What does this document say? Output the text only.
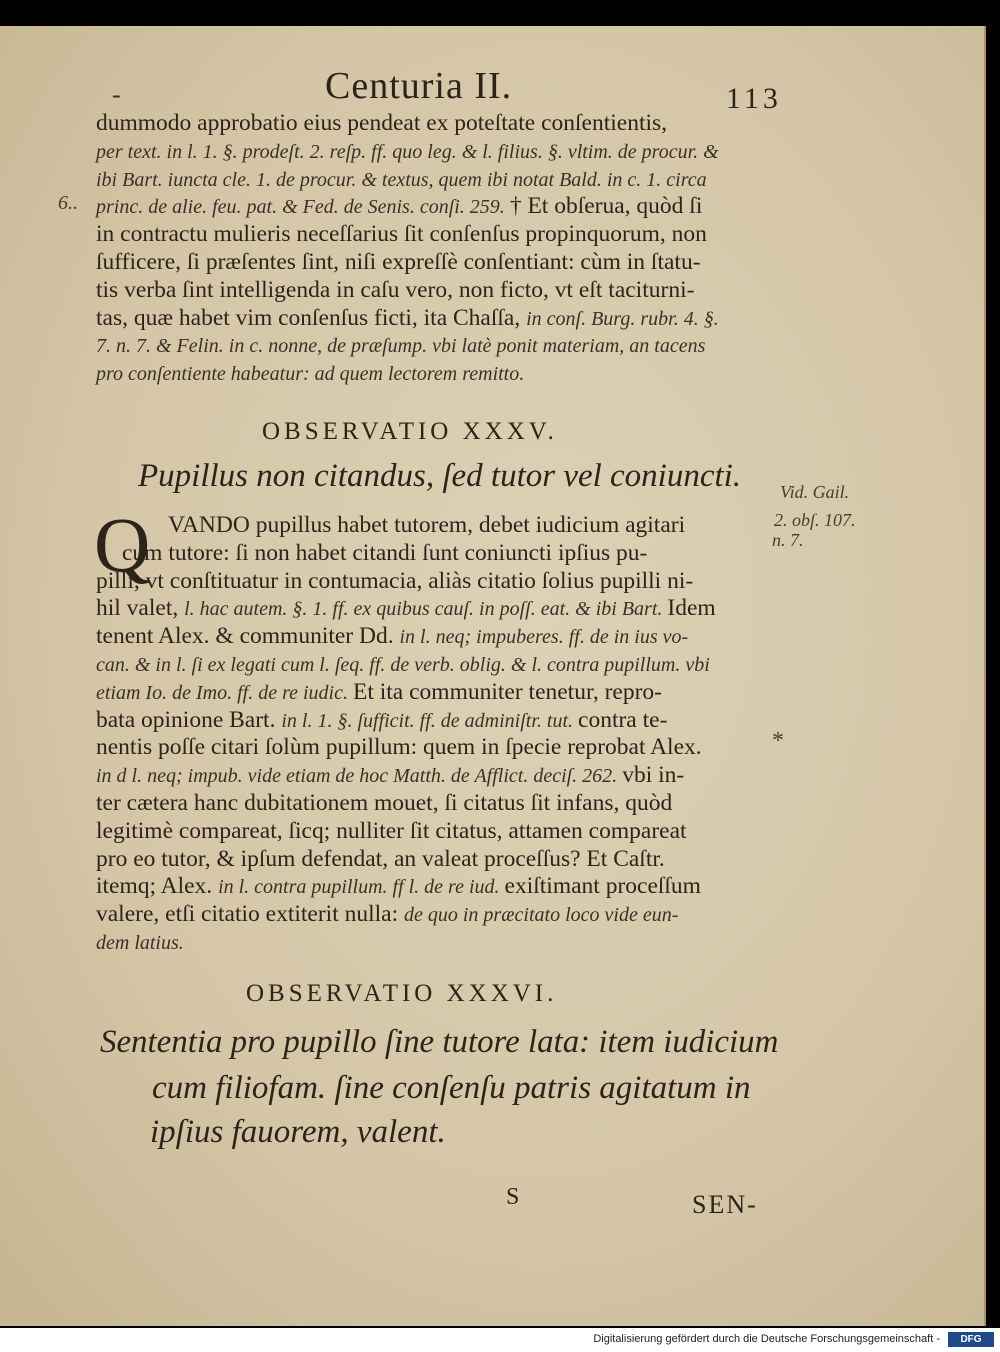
-	Centuria II.	113
dummodo approbatio eius pendeat ex poteſtate conſentientis,
per text. in l. 1. §. prodeſt. 2. reſp. ff. quo leg. & l. filius. §. vltim. de procur. &
ibi Bart. iuncta cle. 1. de procur. & textus, quem ibi notat Bald. in c. 1. circa
princ. de alie. feu. pat. & Fed. de Senis. conſi. 259. † Et obſerua, quòd ſi
in contractu mulieris neceſſarius ſit conſenſus propinquorum, non
ſufficere, ſi præſentes ſint, niſi expreſſè conſentiant: cùm in ſtatu-
tis verba ſint intelligenda in caſu vero, non ficto, vt eſt taciturni-
tas, quæ habet vim conſenſus ficti, ita Chaſſa, in conſ. Burg. rubr. 4. §.
7. n. 7. & Felin. in c. nonne, de præſump. vbi latè ponit materiam, an tacens
pro conſentiente habeatur: ad quem lectorem remitto.
6..
OBSERVATIO XXXV.
Pupillus non citandus, ſed tutor vel coniuncti. Vid. Gail.
2. obſ. 107.
n. 7.
Q VANDO pupillus habet tutorem, debet iudicium agitari
cum tutore: ſi non habet citandi ſunt coniuncti ipſius pu-
pilli, vt conſtituatur in contumacia, aliàs citatio ſolius pupilli ni-
hil valet, l. hac autem. §. 1. ff. ex quibus cauſ. in poſſ. eat. & ibi Bart. Idem
tenent Alex. & communiter Dd. in l. neq; impuberes. ff. de in ius vo-
can. & in l. ſi ex legati cum l. ſeq. ff. de verb. oblig. & l. contra pupillum. vbi
etiam Io. de Imo. ff. de re iudic. Et ita communiter tenetur, repro-
bata opinione Bart. in l. 1. §. ſufficit. ff. de adminiſtr. tut. contra te-
nentis poſſe citari ſolùm pupillum: quem in ſpecie reprobat Alex.
in d l. neq; impub. vide etiam de hoc Matth. de Afflict. deciſ. 262. vbi in-
ter cætera hanc dubitationem mouet, ſi citatus ſit infans, quòd
legitimè compareat, ſicq; nulliter ſit citatus, attamen compareat
pro eo tutor, & ipſum defendat, an valeat proceſſus? Et Caſtr.
itemq; Alex. in l. contra pupillum. ff l. de re iud. exiſtimant proceſſum
valere, etſi citatio extiterit nulla: de quo in præcitato loco vide eun-
dem latius.
*
OBSERVATIO XXXVI.
Sententia pro pupillo ſine tutore lata: item iudicium
cum filiofam. ſine conſenſu patris agitatum in
ipſius fauorem, valent.
S	SEN-
Digitalisierung gefördert durch die Deutsche Forschungsgemeinschaft -	DFG
